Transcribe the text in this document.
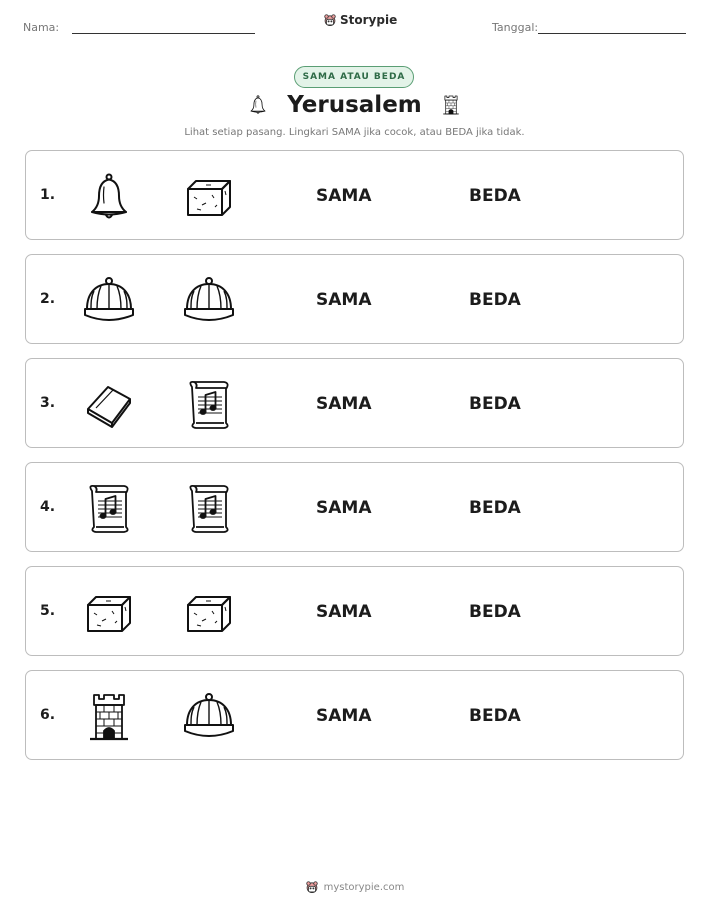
Nama:
Storypie
Tanggal:
SAMA ATAU BEDA
Yerusalem
Lihat setiap pasang. Lingkari SAMA jika cocok, atau BEDA jika tidak.
1.	SAMA	BEDA
2.	SAMA	BEDA
3.	SAMA	BEDA
4.	SAMA	BEDA
5.	SAMA	BEDA
6.	SAMA	BEDA
mystorypie.com
